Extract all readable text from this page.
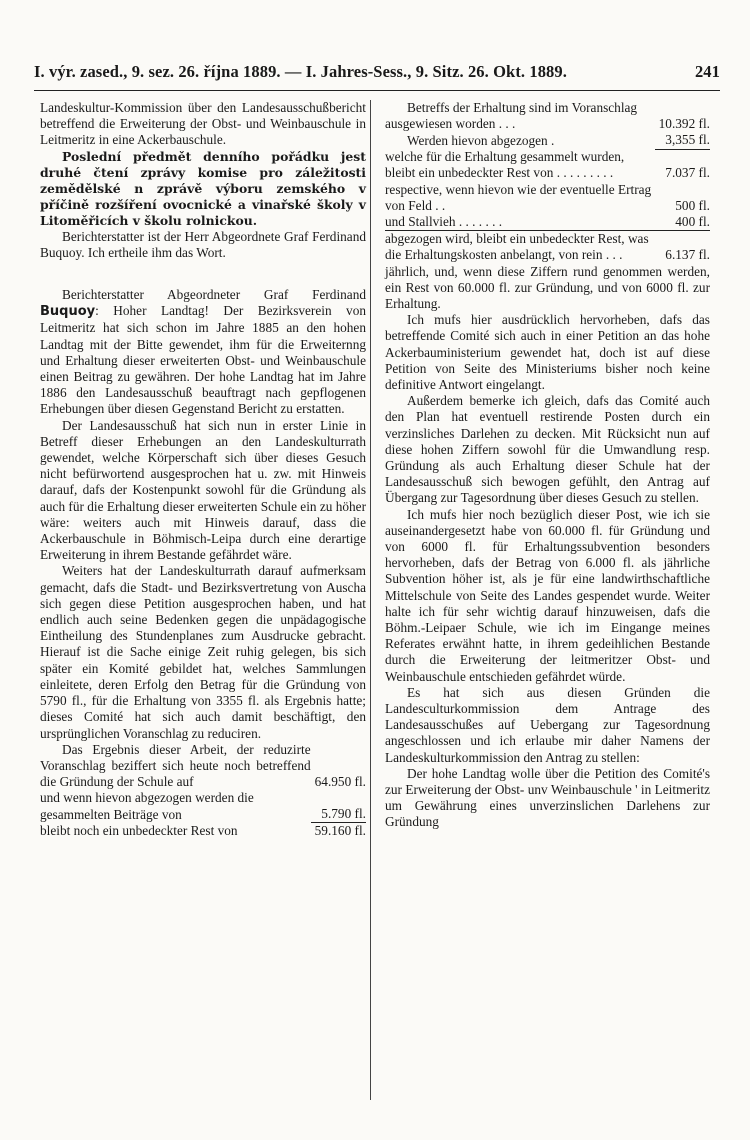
I. výr. zased., 9. sez. 26. října 1889. — I. Jahres-Sess., 9. Sitz. 26. Okt. 1889.	241

Landeskultur-Kommission über den Landesausschußbericht betreffend die Erweiterung der Obst- und Weinbauschule in Leitmeritz in eine Ackerbauschule.

Poslední předmět denního pořádku jest druhé čtení zprávy komise pro záležitosti zemědělské n zprávě výboru zemského v příčině rozšíření ovocnické a vinařské školy v Litoměřicích v školu rolnickou.

Berichterstatter ist der Herr Abgeordnete Graf Ferdinand Buquoy. Ich ertheile ihm das Wort.

Berichterstatter Abgeordneter Graf Ferdinand Buquoy: Hoher Landtag! Der Bezirksverein von Leitmeritz hat sich schon im Jahre 1885 an den hohen Landtag mit der Bitte gewendet, ihm für die Erweiternng und Erhaltung dieser erweiterten Obst- und Weinbauschule einen Beitrag zu gewähren. Der hohe Landtag hat im Jahre 1886 den Landesausschuß beauftragt nach gepflogenen Erhebungen über diesen Gegenstand Bericht zu erstatten.

Der Landesausschuß hat sich nun in erster Linie in Betreff dieser Erhebungen an den Landeskulturrath gewendet, welche Körperschaft sich über dieses Gesuch nicht befürwortend ausgesprochen hat u. zw. mit Hinweis darauf, dafs der Kostenpunkt sowohl für die Gründung als auch für die Erhaltung dieser erweiterten Schule ein zu höher wäre: weiters auch mit Hinweis darauf, dass die Ackerbauschule in Böhmisch-Leipa durch eine derartige Erweiterung in ihrem Bestande gefährdet wäre.

Weiters hat der Landeskulturrath darauf aufmerksam gemacht, dafs die Stadt- und Bezirksvertretung von Auscha sich gegen diese Petition ausgesprochen haben, und hat endlich auch seine Bedenken gegen die unpädagogische Eintheilung des Stundenplanes zum Ausdrucke gebracht. Hierauf ist die Sache einige Zeit ruhig gelegen, bis sich später ein Komité gebildet hat, welches Sammlungen einleitete, deren Erfolg den Betrag für die Gründung von 5790 fl., für die Erhaltung von 3355 fl. als Ergebnis hatte; dieses Comité hat sich auch damit beschäftigt, den ursprünglichen Voranschlag zu reduciren.

Das Ergebnis dieser Arbeit, der reduzirte Voranschlag beziffert sich heute noch betreffend die Gründung der Schule auf	64.950 fl.
und wenn hievon abgezogen werden die gesammelten Beiträge von	5.790 fl.
bleibt noch ein unbedeckter Rest von	59.160 fl.
Betreffs der Erhaltung sind im Voranschlag ausgewiesen worden . . .	10.392 fl.
Werden hievon abgezogen .	3,355 fl.
welche für die Erhaltung gesammelt wurden, bleibt ein unbedeckter Rest von . . . . . . . . .	7.037 fl.
respective, wenn hievon wie der eventuelle Ertrag von Feld . .	500 fl.
und Stallvieh . . . . . . .	400 fl.
abgezogen wird, bleibt ein unbedeckter Rest, was die Erhaltungskosten anbelangt, von rein . . .	6.137 fl.

jährlich, und, wenn diese Ziffern rund genommen werden, ein Rest von 60.000 fl. zur Gründung, und von 6000 fl. zur Erhaltung.

Ich mufs hier ausdrücklich hervorheben, dafs das betreffende Comité sich auch in einer Petition an das hohe Ackerbauministerium gewendet hat, doch ist auf diese Petition von Seite des Ministeriums bisher noch keine definitive Antwort eingelangt.

Außerdem bemerke ich gleich, dafs das Comité auch den Plan hat eventuell restirende Posten durch ein verzinsliches Darlehen zu decken. Mit Rücksicht nun auf diese hohen Ziffern sowohl für die Umwandlung resp. Gründung als auch Erhaltung dieser Schule hat der Landesausschuß sich bewogen gefühlt, den Antrag auf Übergang zur Tagesordnung über dieses Gesuch zu stellen.

Ich mufs hier noch bezüglich dieser Post, wie ich sie auseinandergesetzt habe von 60.000 fl. für Gründung und von 6000 fl. für Erhaltungssubvention besonders hervorheben, dafs der Betrag von 6.000 fl. als jährliche Subvention höher ist, als je für eine landwirthschaftliche Mittelschule von Seite des Landes gespendet wurde. Weiter halte ich für sehr wichtig darauf hinzuweisen, dafs die Böhm.-Leipaer Schule, wie ich im Eingange meines Referates erwähnt hatte, in ihrem gedeihlichen Bestande durch die Erweiterung der leitmeritzer Obst- und Weinbauschule entschieden gefährdet würde.

Es hat sich aus diesen Gründen die Landesculturkommission dem Antrage des Landesausschußes auf Uebergang zur Tagesordnung angeschlossen und ich erlaube mir daher Namens der Landeskulturkommission den Antrag zu stellen:

Der hohe Landtag wolle über die Petition des Comité's zur Erweiterung der Obst- unv Weinbauschule ' in Leitmeritz um Gewährung eines unverzinslichen Darlehens zur Gründung
